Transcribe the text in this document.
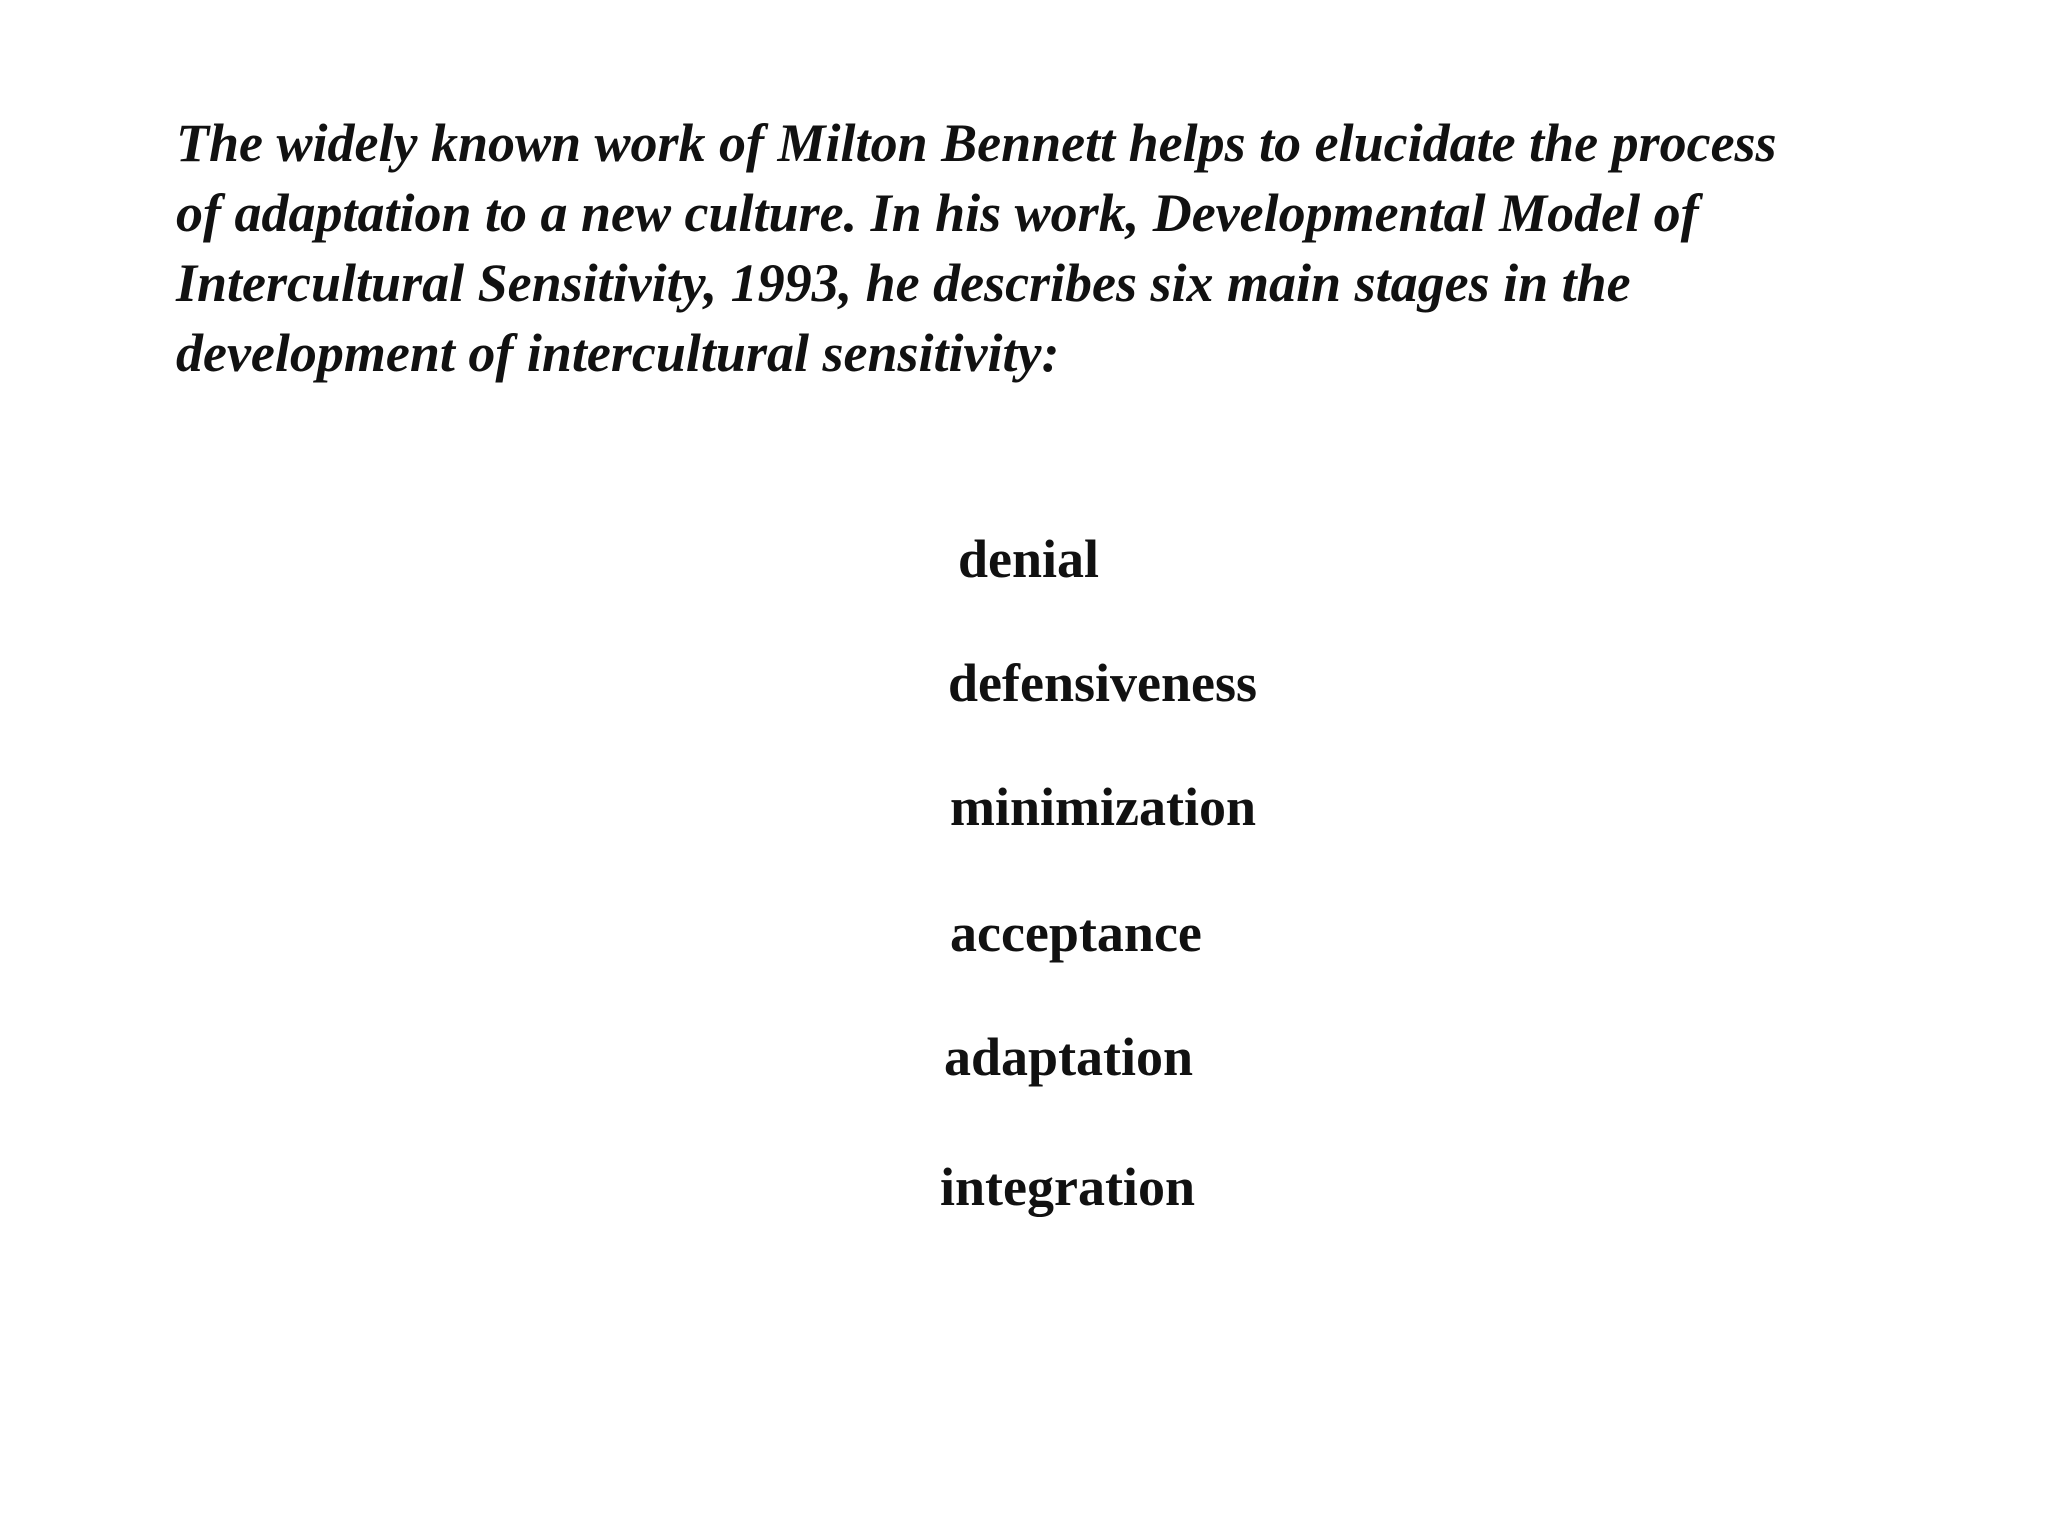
The widely known work of Milton Bennett helps to elucidate the process
of adaptation to a new culture. In his work, Developmental Model of
Intercultural Sensitivity, 1993, he describes six main stages in the
development of intercultural sensitivity:

denial

defensiveness

minimization

acceptance

adaptation

integration
